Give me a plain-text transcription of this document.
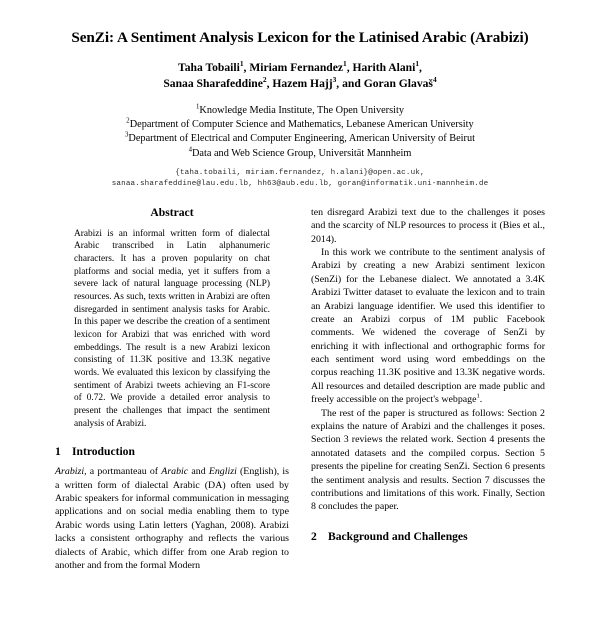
SenZi: A Sentiment Analysis Lexicon for the Latinised Arabic (Arabizi)
Taha Tobaili$^1$, Miriam Fernandez$^1$, Harith Alani$^1$,
Sanaa Sharafeddine$^2$, Hazem Hajj$^3$, and Goran Glavaš$^4$
$^1$Knowledge Media Institute, The Open University
$^2$Department of Computer Science and Mathematics, Lebanese American University
$^3$Department of Electrical and Computer Engineering, American University of Beirut
$^4$Data and Web Science Group, Universität Mannheim
{taha.tobaili, miriam.fernandez, h.alani}@open.ac.uk,
sanaa.sharafeddine@lau.edu.lb, hh63@aub.edu.lb, goran@informatik.uni-mannheim.de
Abstract

Arabizi is an informal written form of dialectal Arabic transcribed in Latin alphanumeric characters. It has a proven popularity on chat platforms and social media, yet it suffers from a severe lack of natural language processing (NLP) resources. As such, texts written in Arabizi are often disregarded in sentiment analysis tasks for Arabic. In this paper we describe the creation of a sentiment lexicon for Arabizi that was enriched with word embeddings. The result is a new Arabizi lexicon consisting of 11.3K positive and 13.3K negative words. We evaluated this lexicon by classifying the sentiment of Arabizi tweets achieving an F1-score of 0.72. We provide a detailed error analysis to present the challenges that impact the sentiment analysis of Arabizi.

1 Introduction

Arabizi, a portmanteau of Arabic and Englizi (English), is a written form of dialectal Arabic (DA) often used by Arabic speakers for informal communication in messaging applications and on social media enabling them to type Arabic words using Latin letters (Yaghan, 2008). Arabizi lacks a consistent orthography and reflects the various dialects of Arabic, which differ from one Arab region to another and from the formal Modern

ten disregard Arabizi text due to the challenges it poses and the scarcity of NLP resources to process it (Bies et al., 2014).

In this work we contribute to the sentiment analysis of Arabizi by creating a new Arabizi sentiment lexicon (SenZi) for the Lebanese dialect. We annotated a 3.4K Arabizi Twitter dataset to evaluate the lexicon and to train an Arabizi language identifier. We used this identifier to create an Arabizi corpus of 1M public Facebook comments. We widened the coverage of SenZi by enriching it with inflectional and orthographic forms for each sentiment word using word embeddings on the corpus reaching 11.3K positive and 13.3K negative words. All resources and detailed description are made public and freely accessible on the project's webpage$^1$.

The rest of the paper is structured as follows: Section 2 explains the nature of Arabizi and the challenges it poses. Section 3 reviews the related work. Section 4 presents the annotated datasets and the compiled corpus. Section 5 presents the pipeline for creating SenZi. Section 6 presents the sentiment analysis and results. Section 7 discusses the contributions and limitations of this work. Finally, Section 8 concludes the paper.

2 Background and Challenges
